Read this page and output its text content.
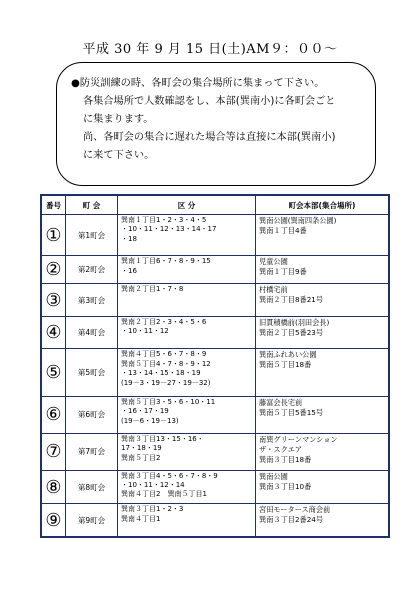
平成 30 年 9 月 15 日(土)AM９：００～

●防災訓練の時、各町会の集合場所に集まって下さい。

各集合場所で人数確認をし、本部(巽南小)に各町会ごと

に集まります。

尚、各町会の集合に遅れた場合等は直接に本部(巽南小)

に来て下さい。

番号	町 会	区 分	町会本部(集合場所)
①	第1町会	巽南１丁目1・2・3・4・5
・10・11・12・13・14・17
・18	巽南公園(巽南四条公園)
巽南１丁目4番

②	第2町会	巽南１丁目6・7・8・9・15
・16	児童公園
巽南１丁目9番

③	第3町会	巽南２丁目1・7・8	村橋宅前
巽南２丁目8番21号

④	第4町会	巽南２丁目2・3・4・5・6
・10・11・12	旧貫積橋前(羽田会長)
巽南２丁目5番23号

⑤	第5町会	巽南４丁目5・6・7・8・9
巽南５丁目4・7・8・9・12
・13・14・15・18・19
(19－3・19－27・19－32)	巽南ふれあい公園
巽南５丁目18番

⑥	第6町会	巽南５丁目3・5・6・10・11
・16・17・19
(19－6・19－13)	藤富会長宅前
巽南５丁目5番15号

⑦	第7町会	巽南３丁目13・15・16・
17・18・19
巽南５丁目2	南巽グリーンマンション
ザ・スクエア
巽南３丁目18番

⑧	第8町会	巽南３丁目4・5・6・7・8・9
・10・11・12・14
巽南４丁目2　巽南５丁目1	巽南公園
巽南３丁目10番

⑨	第9町会	巽南３丁目1・2・3
巽南４丁目1	宮田モータース商会前
巽南３丁目2番24号
